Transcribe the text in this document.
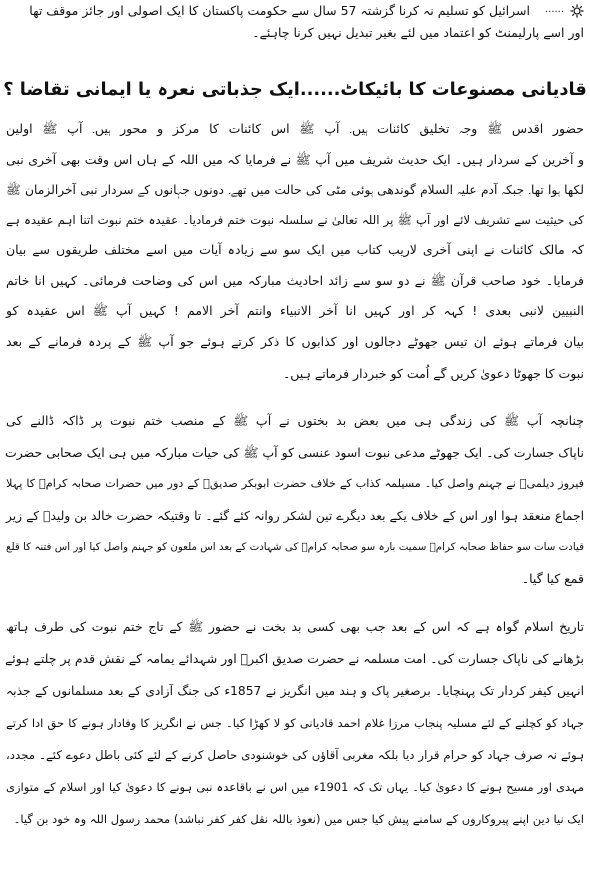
اسرائیل کو تسلیم نہ کرنا گزشتہ 57 سال سے حکومت پاکستان کا ایک اصولی اور جائز موقف تھا ......
اور اسے پارلیمنٹ کو اعتماد میں لئے بغیر تبدیل نہیں کرنا چاہئے۔
قادیانی مصنوعات کا بائیکاٹ......ایک جذباتی نعرہ یا ایمانی تقاضا ؟
حضور اقدس ﷺ وجہ تخلیق کائنات ہیں۔ آپ ﷺ اس کائنات کا مرکز و محور ہیں۔ آپ ﷺ اولین
و آخرین کے سردار ہیں۔ ایک حدیث شریف میں آپ ﷺ نے فرمایا کہ میں اللہ کے ہاں اس وقت بھی آخری نبی
لکھا ہوا تھا۔ جبکہ آدم علیہ السلام گوندھی ہوئی مٹی کی حالت میں تھے۔ دونوں جہانوں کے سردار نبی آخرالزمان ﷺ
کی حیثیت سے تشریف لائے اور آپ ﷺ پر اللہ تعالیٰ نے سلسلہ نبوت ختم فرمادیا۔ عقیدہ ختم نبوت اتنا اہم عقیدہ ہے
کہ مالک کائنات نے اپنی آخری لاریب کتاب میں ایک سو سے زیادہ آیات میں اسے مختلف طریقوں سے بیان
فرمایا۔ خود صاحب قرآن ﷺ نے دو سو سے زائد احادیث مبارکہ میں اس کی وضاحت فرمائی۔ کہیں انا خاتم
النبیین لانبی بعدی ! کہہ کر اور کہیں انا آخر الانبیاء وانتم آخر الامم ! کہیں آپ ﷺ اس عقیدہ کو
بیان فرماتے ہوئے ان تیس جھوٹے دجالوں اور کذابوں کا ذکر کرتے ہوئے جو آپ ﷺ کے پردہ فرمانے کے بعد
نبوت کا جھوٹا دعویٰ کریں گے اُمت کو خبردار فرماتے ہیں۔
چنانچہ آپ ﷺ کی زندگی ہی میں بعض بد بختوں نے آپ ﷺ کے منصب ختم نبوت پر ڈاکہ ڈالنے کی
ناپاک جسارت کی۔ ایک جھوٹے مدعی نبوت اسود عنسی کو آپ ﷺ کی حیات مبارکہ میں ہی ایک صحابی حضرت
فیروز دیلمیؓ نے جہنم واصل کیا۔ مسیلمہ کذاب کے خلاف حضرت ابوبکر صدیقؓ کے دور میں حضرات صحابہ کرامؓ کا پہلا
اجماع منعقد ہوا اور اس کے خلاف یکے بعد دیگرے تین لشکر روانہ کئے گئے۔ تا وقتیکہ حضرت خالد بن ولیدؓ کے زیر
قیادت سات سو حفاظ صحابہ کرامؓ سمیت بارہ سو صحابہ کرامؓ کی شہادت کے بعد اس ملعون کو جہنم واصل کیا اور اس فتنہ کا قلع
قمع کیا گیا۔
تاریخ اسلام گواہ ہے کہ اس کے بعد جب بھی کسی بد بخت نے حضور ﷺ کے تاج ختم نبوت کی طرف ہاتھ
بڑھانے کی ناپاک جسارت کی۔ امت مسلمہ نے حضرت صدیق اکبرؓ اور شہدائے یمامہ کے نقش قدم پر چلتے ہوئے
انہیں کیفر کردار تک پہنچایا۔ برصغیر پاک و ہند میں انگریز نے 1857ء کی جنگ آزادی کے بعد مسلمانوں کے جذبہ
جہاد کو کچلنے کے لئے مسلیہ پنجاب مرزا غلام احمد قادیانی کو لا کھڑا کیا۔ جس نے انگریز کا وفادار ہونے کا حق ادا کرتے
ہوئے نہ صرف جہاد کو حرام قرار دیا بلکہ مغربی آقاؤں کی خوشنودی حاصل کرنے کے لئے کئی باطل دعوے کئے۔ مجدد،
مہدی اور مسیح ہونے کا دعویٰ کیا۔ یہاں تک کہ 1901ء میں اس نے باقاعدہ نبی ہونے کا دعویٰ کیا اور اسلام کے متوازی
ایک نیا دین اپنے پیروکاروں کے سامنے پیش کیا جس میں (نعوذ باللہ نقل کفر کفر نباشد) محمد رسول اللہ وہ خود بن گیا۔
